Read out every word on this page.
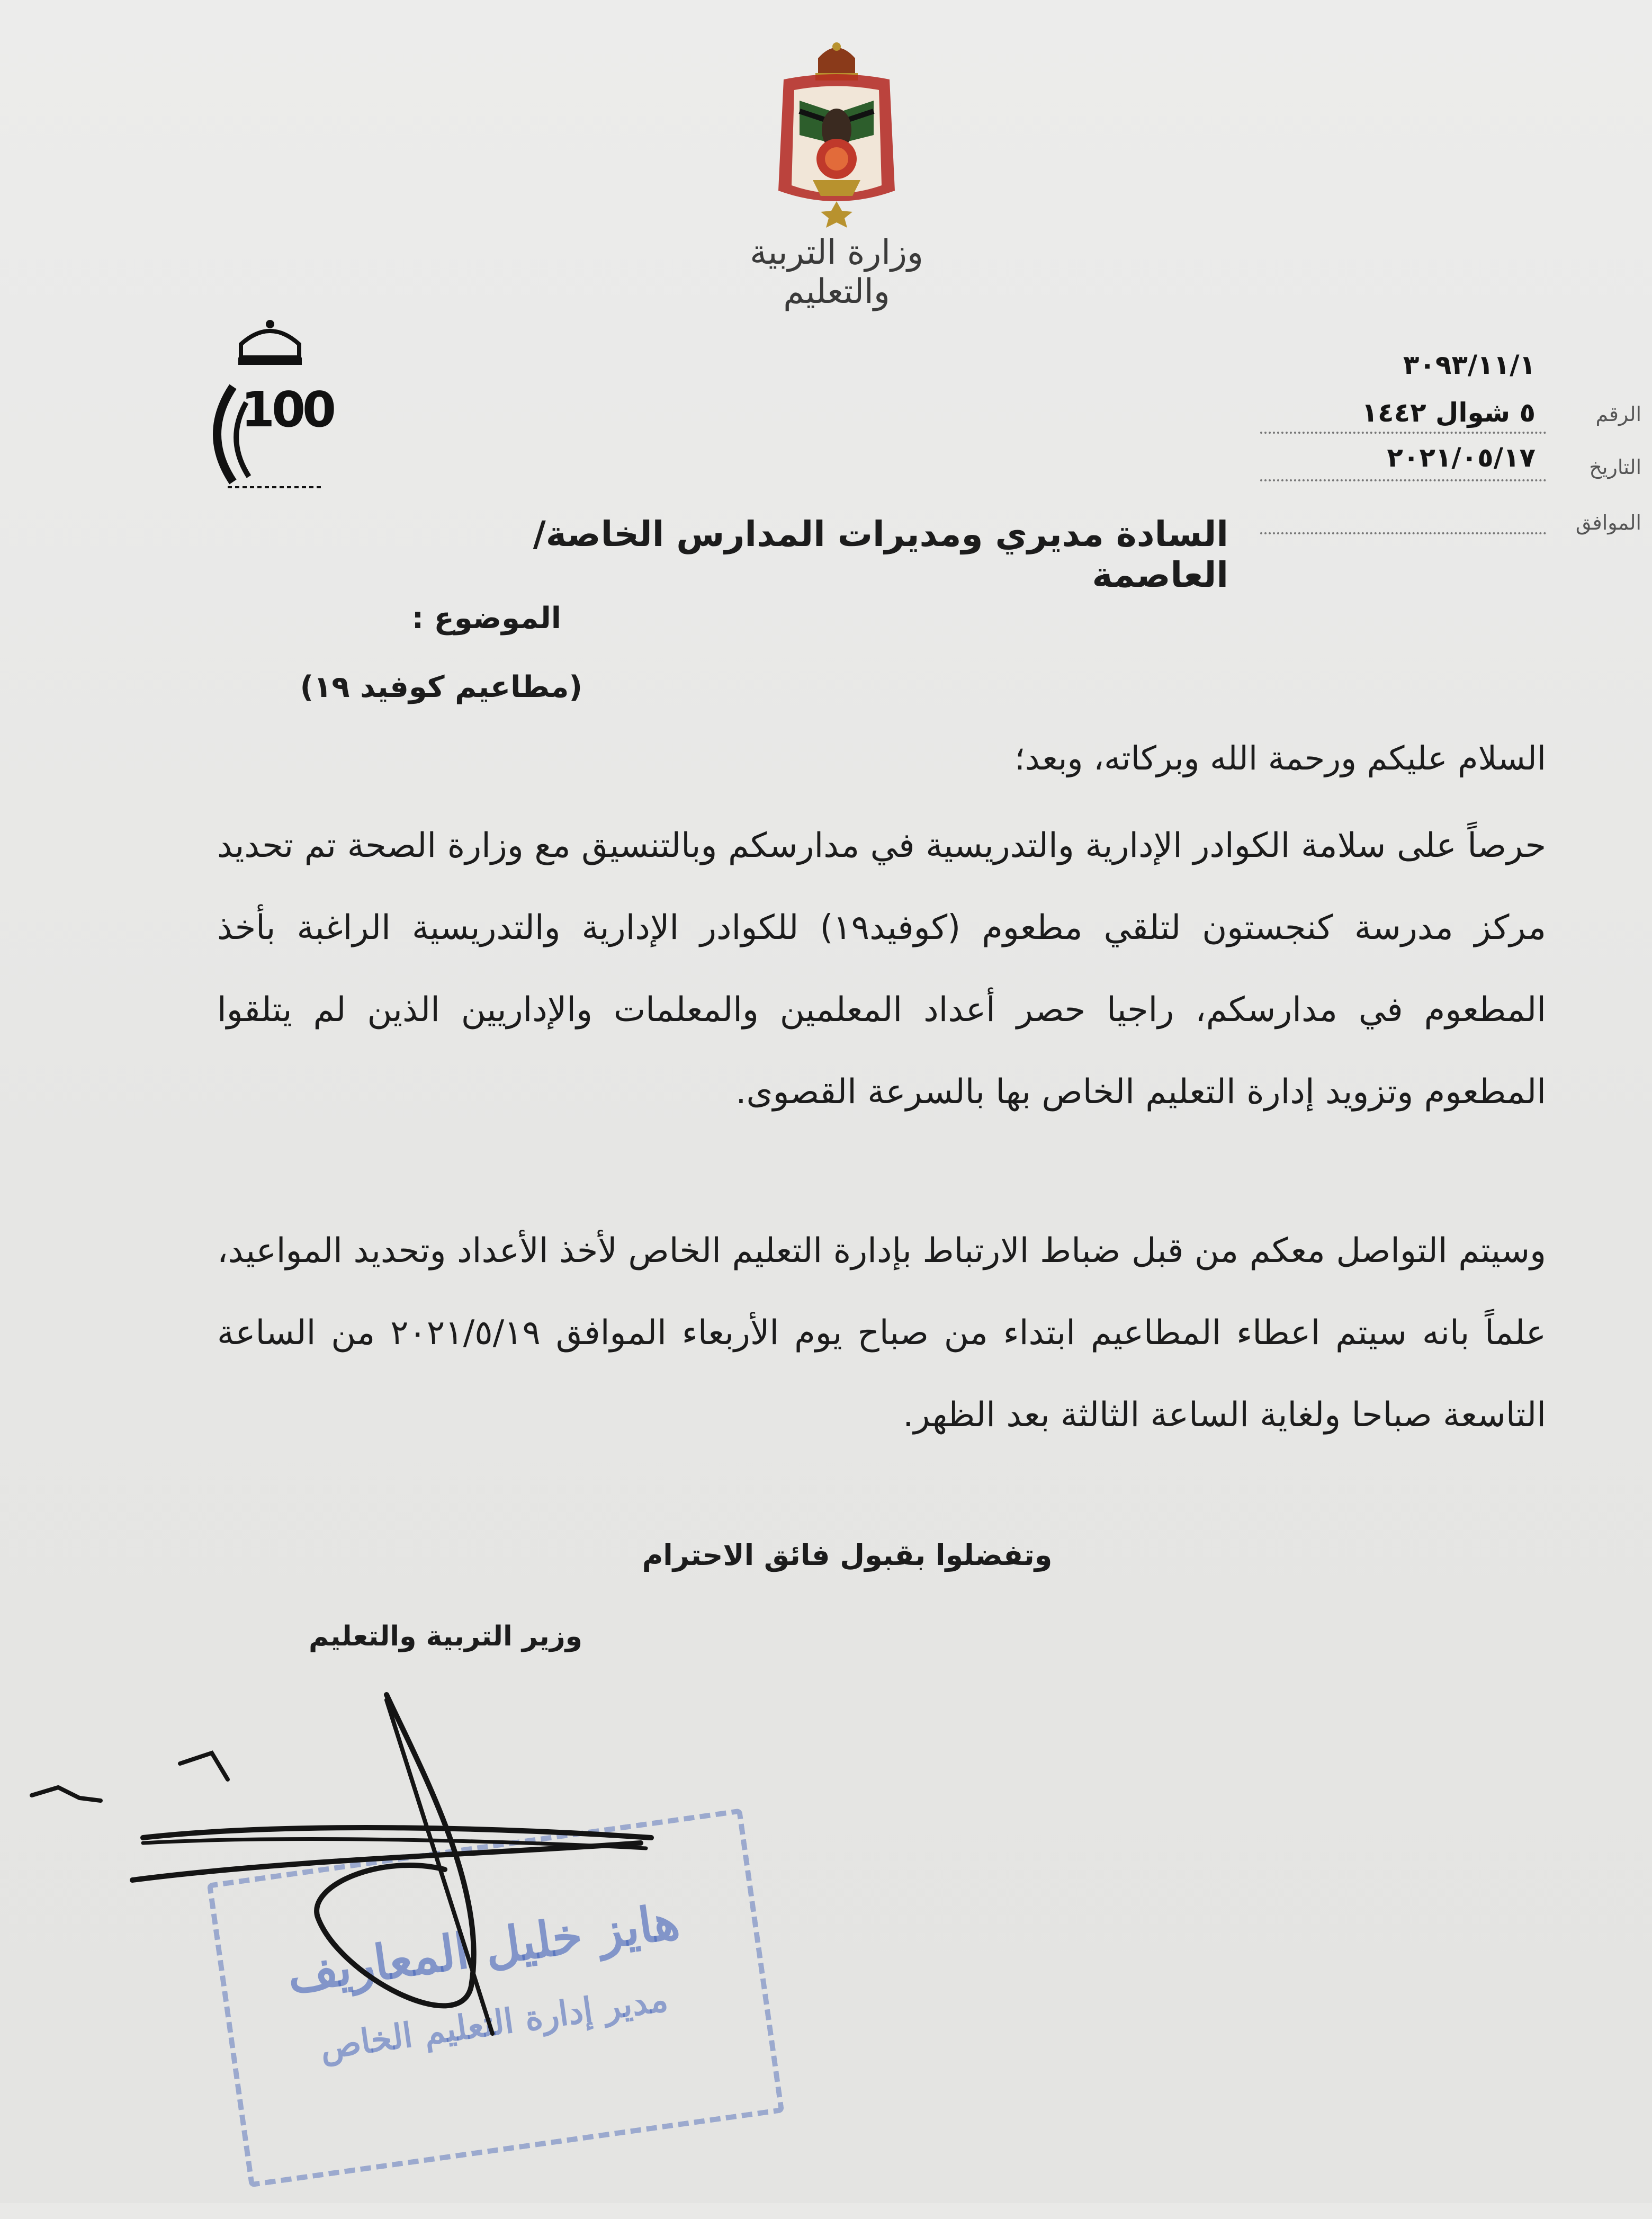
وزارة التربية والتعليم
100
٣٠٩٣/١١/١
الرقم
٥ شوال ١٤٤٢
التاريخ
٢٠٢١/٠٥/١٧
الموافق
السادة مديري ومديرات المدارس الخاصة/العاصمة
الموضوع :
(مطاعيم كوفيد ١٩)
السلام عليكم ورحمة الله وبركاته، وبعد؛
حرصاً على سلامة الكوادر الإدارية والتدريسية في مدارسكم وبالتنسيق مع وزارة الصحة تم تحديد مركز مدرسة كنجستون لتلقي مطعوم (كوفيد١٩) للكوادر الإدارية والتدريسية الراغبة بأخذ المطعوم في مدارسكم، راجيا حصر أعداد المعلمين والمعلمات والإداريين الذين لم يتلقوا المطعوم وتزويد إدارة التعليم الخاص بها بالسرعة القصوى.
وسيتم التواصل معكم من قبل ضباط الارتباط بإدارة التعليم الخاص لأخذ الأعداد وتحديد المواعيد، علماً بانه سيتم اعطاء المطاعيم ابتداء من صباح يوم الأربعاء الموافق ٢٠٢١/٥/١٩ من الساعة التاسعة صباحا ولغاية الساعة الثالثة بعد الظهر.
وتفضلوا بقبول فائق الاحترام
وزير التربية والتعليم
هايز خليل المعاريف
مدير إدارة التعليم الخاص
